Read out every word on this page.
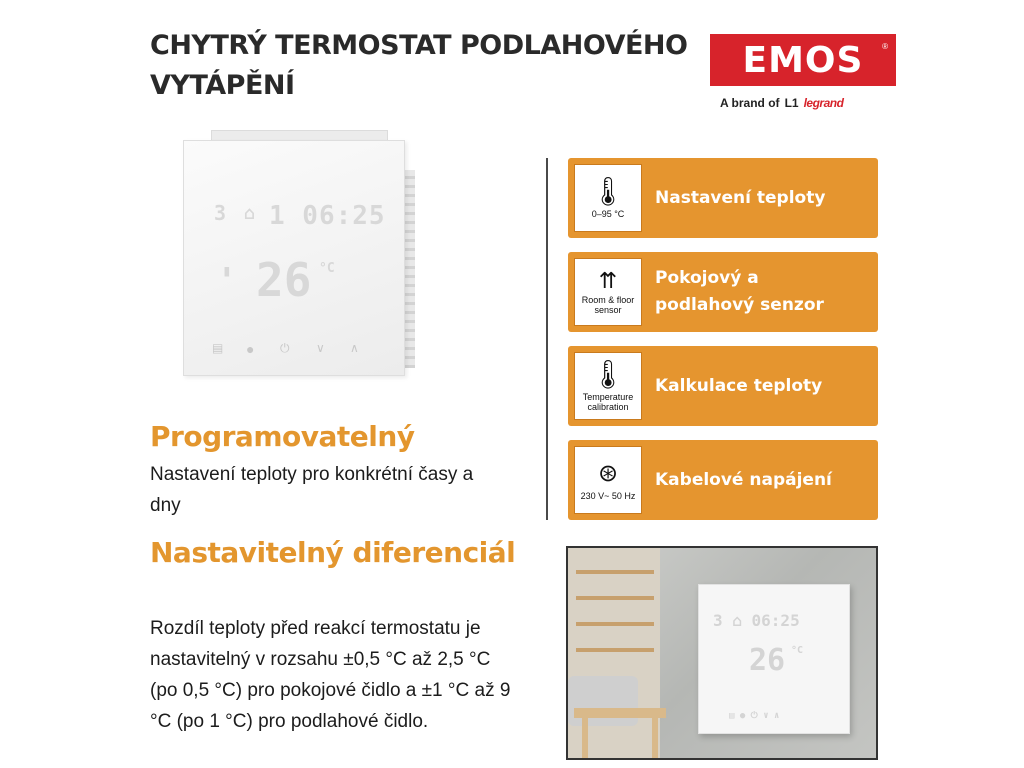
CHYTRÝ TERMOSTAT PODLAHOVÉHO
VYTÁPĚNÍ
EMOS ®
A brand of L1 legrand
3 ⌂ 1 06:25
▮ 26 °C
▤ ● ⏻ ∨ ∧
Programovatelný
Nastavení teploty pro konkrétní časy a
dny
Nastavitelný diferenciál
Rozdíl teploty před reakcí termostatu je
nastavitelný v rozsahu ±0,5 °C až 2,5 °C
(po 0,5 °C) pro pokojové čidlo a ±1 °C až 9
°C (po 1 °C) pro podlahové čidlo.
🌡︎
0–95 °C
Nastavení teploty
⇈
Room & floor sensor
Pokojový a
podlahový senzor
🌡︎
Temperature calibration
Kalkulace teploty
⊛
230 V~ 50 Hz
Kabelové napájení
3 ⌂ 06:25
26 °C
▤ ● ⏻ ∨ ∧
